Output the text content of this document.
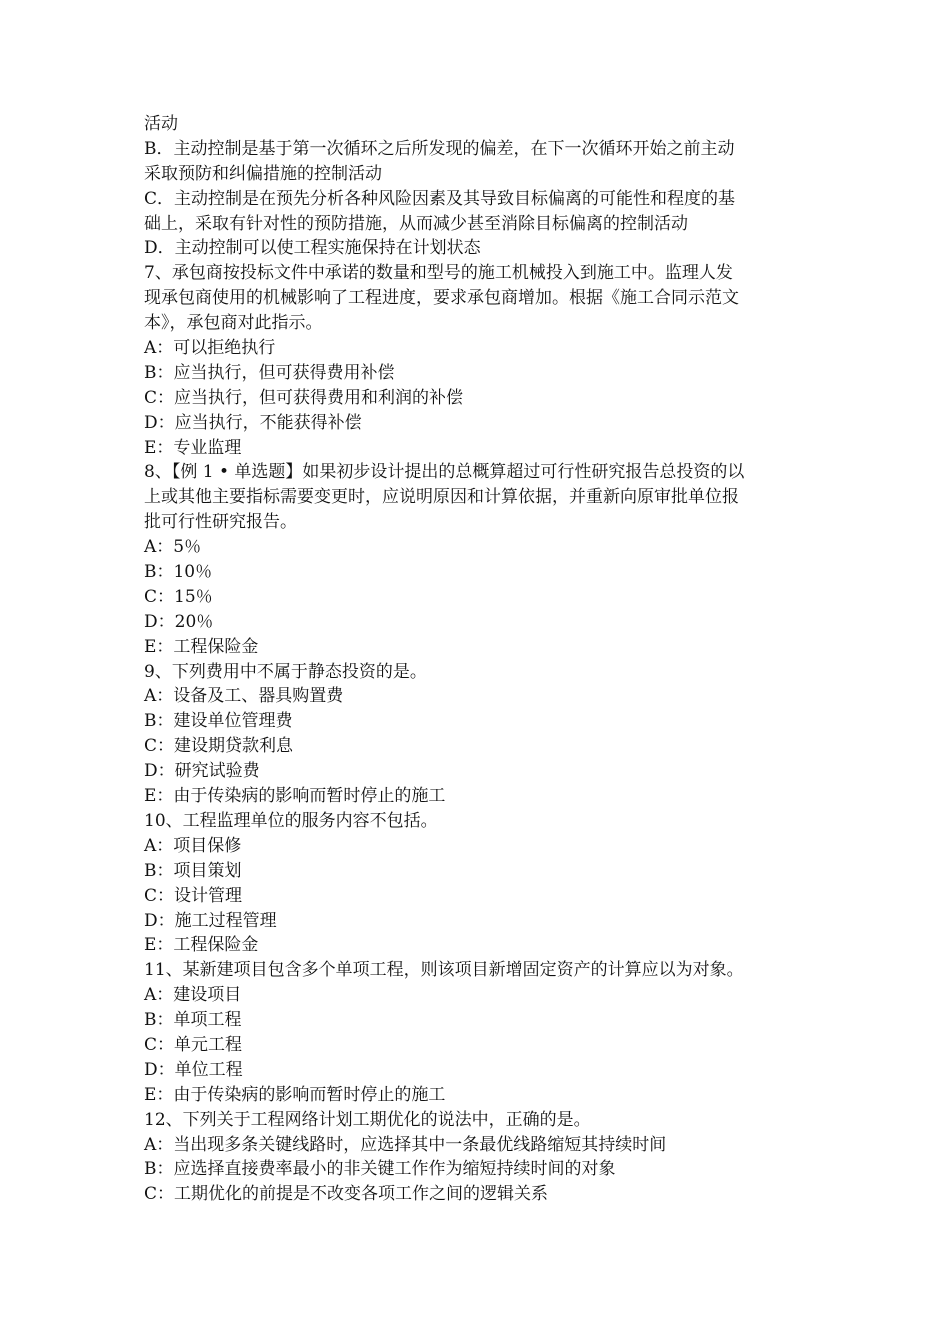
活动
B．主动控制是基于第一次循环之后所发现的偏差，在下一次循环开始之前主动
采取预防和纠偏措施的控制活动
C．主动控制是在预先分析各种风险因素及其导致目标偏离的可能性和程度的基
础上，采取有针对性的预防措施，从而减少甚至消除目标偏离的控制活动
D．主动控制可以使工程实施保持在计划状态
7、承包商按投标文件中承诺的数量和型号的施工机械投入到施工中。监理人发
现承包商使用的机械影响了工程进度，要求承包商增加。根据《施工合同示范文
本》，承包商对此指示。
A：可以拒绝执行
B：应当执行，但可获得费用补偿
C：应当执行，但可获得费用和利润的补偿
D：应当执行，不能获得补偿
E：专业监理
8、【例 1 • 单选题】如果初步设计提出的总概算超过可行性研究报告总投资的以
上或其他主要指标需要变更时，应说明原因和计算依据，并重新向原审批单位报
批可行性研究报告。
A：5％
B：10％
C：15％
D：20％
E：工程保险金
9、下列费用中不属于静态投资的是。
A：设备及工、器具购置费
B：建设单位管理费
C：建设期贷款利息
D：研究试验费
E：由于传染病的影响而暂时停止的施工
10、工程监理单位的服务内容不包括。
A：项目保修
B：项目策划
C：设计管理
D：施工过程管理
E：工程保险金
11、某新建项目包含多个单项工程，则该项目新增固定资产的计算应以为对象。
A：建设项目
B：单项工程
C：单元工程
D：单位工程
E：由于传染病的影响而暂时停止的施工
12、下列关于工程网络计划工期优化的说法中，正确的是。
A：当出现多条关键线路时，应选择其中一条最优线路缩短其持续时间
B：应选择直接费率最小的非关键工作作为缩短持续时间的对象
C：工期优化的前提是不改变各项工作之间的逻辑关系
